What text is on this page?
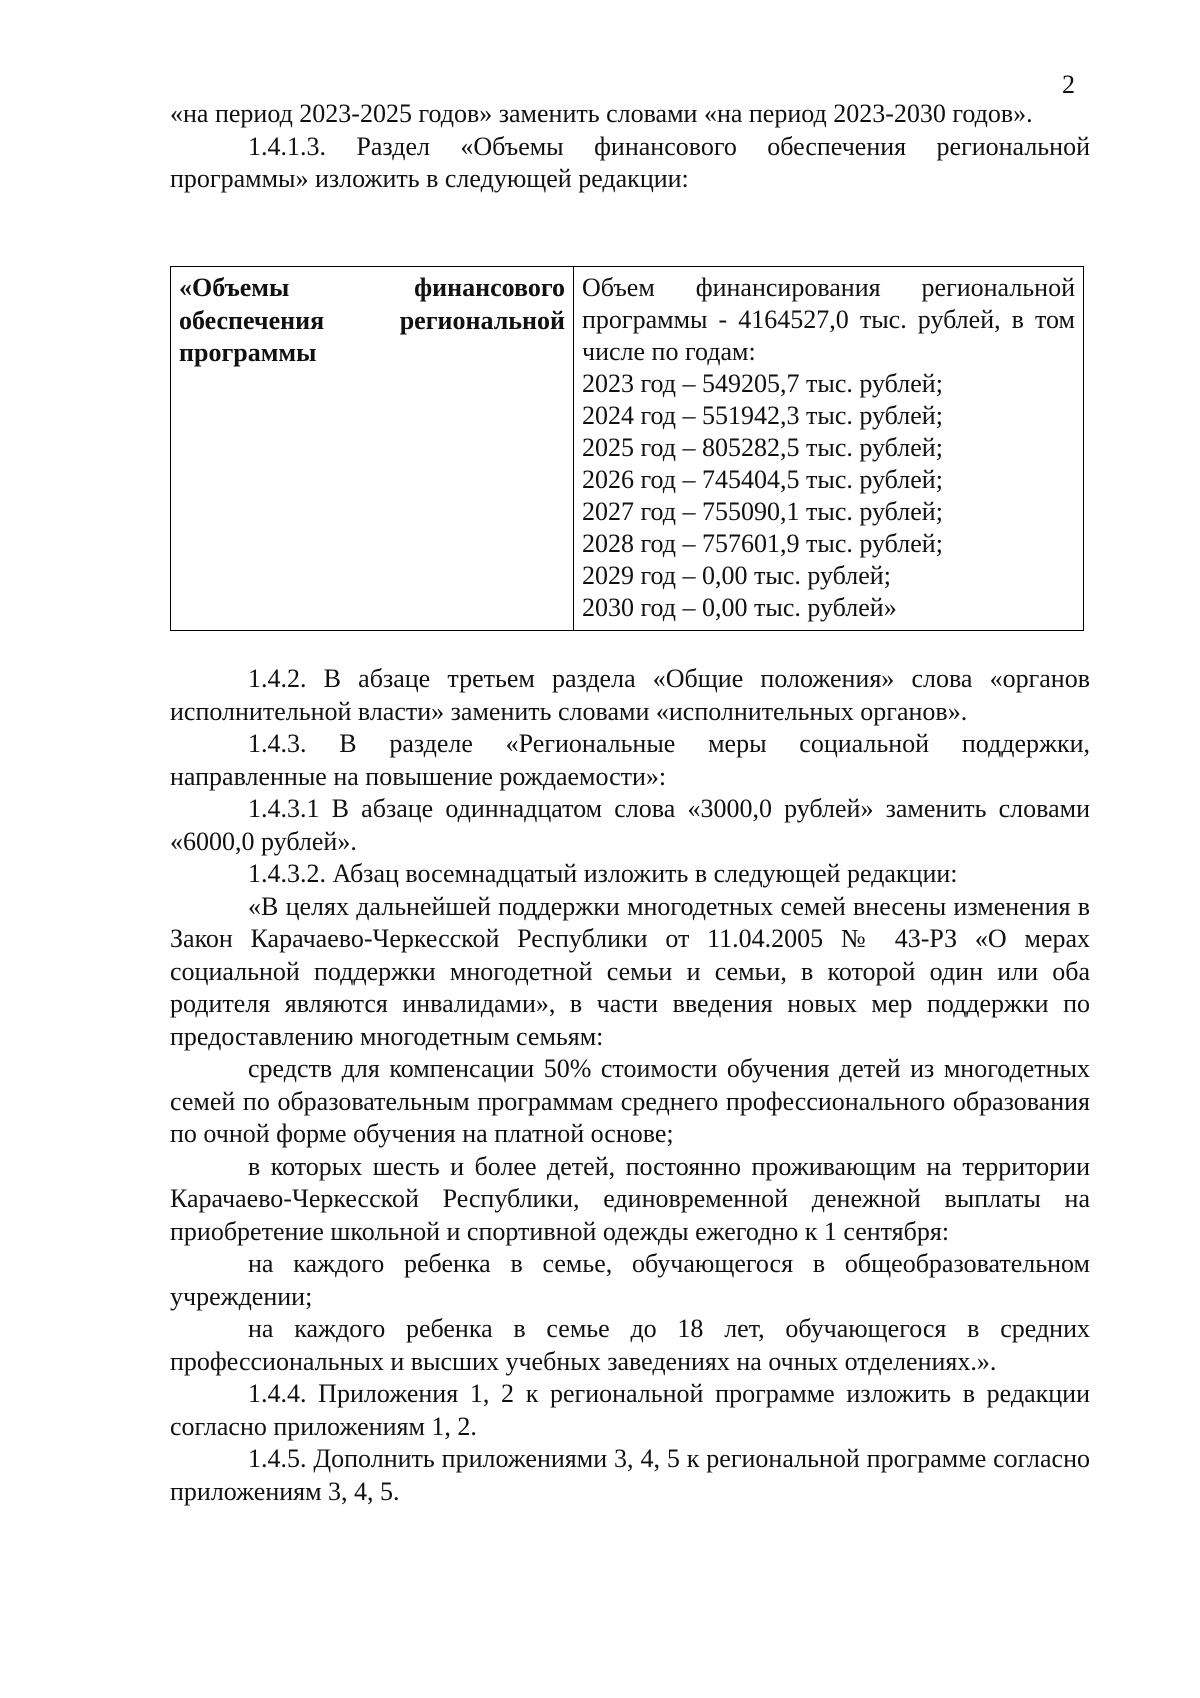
2

«на период 2023-2025 годов» заменить словами «на период 2023-2030 годов».

1.4.1.3. Раздел «Объемы финансового обеспечения региональной программы» изложить в следующей редакции:

«Объемы финансового обеспечения региональной программы

Объем финансирования региональной программы - 4164527,0 тыс. рублей, в том числе по годам:

2023 год – 549205,7 тыс. рублей;

2024 год – 551942,3 тыс. рублей;

2025 год – 805282,5 тыс. рублей;

2026 год – 745404,5 тыс. рублей;

2027 год – 755090,1 тыс. рублей;

2028 год – 757601,9 тыс. рублей;

2029 год – 0,00 тыс. рублей;

2030 год – 0,00 тыс. рублей»

1.4.2. В абзаце третьем раздела «Общие положения» слова «органов исполнительной власти» заменить словами «исполнительных органов».

1.4.3. В разделе «Региональные меры социальной поддержки, направленные на повышение рождаемости»:

1.4.3.1 В абзаце одиннадцатом слова «3000,0 рублей» заменить словами «6000,0 рублей».

1.4.3.2. Абзац восемнадцатый изложить в следующей редакции:

«В целях дальнейшей поддержки многодетных семей внесены изменения в Закон Карачаево-Черкесской Республики от 11.04.2005 № 43-РЗ «О мерах социальной поддержки многодетной семьи и семьи, в которой один или оба родителя являются инвалидами», в части введения новых мер поддержки по предоставлению многодетным семьям:

средств для компенсации 50% стоимости обучения детей из многодетных семей по образовательным программам среднего профессионального образования по очной форме обучения на платной основе;

в которых шесть и более детей, постоянно проживающим на территории Карачаево-Черкесской Республики, единовременной денежной выплаты на приобретение школьной и спортивной одежды ежегодно к 1 сентября:

на каждого ребенка в семье, обучающегося в общеобразовательном учреждении;

на каждого ребенка в семье до 18 лет, обучающегося в средних профессиональных и высших учебных заведениях на очных отделениях.».

1.4.4. Приложения 1, 2 к региональной программе изложить в редакции согласно приложениям 1, 2.

1.4.5. Дополнить приложениями 3, 4, 5 к региональной программе согласно приложениям 3, 4, 5.
